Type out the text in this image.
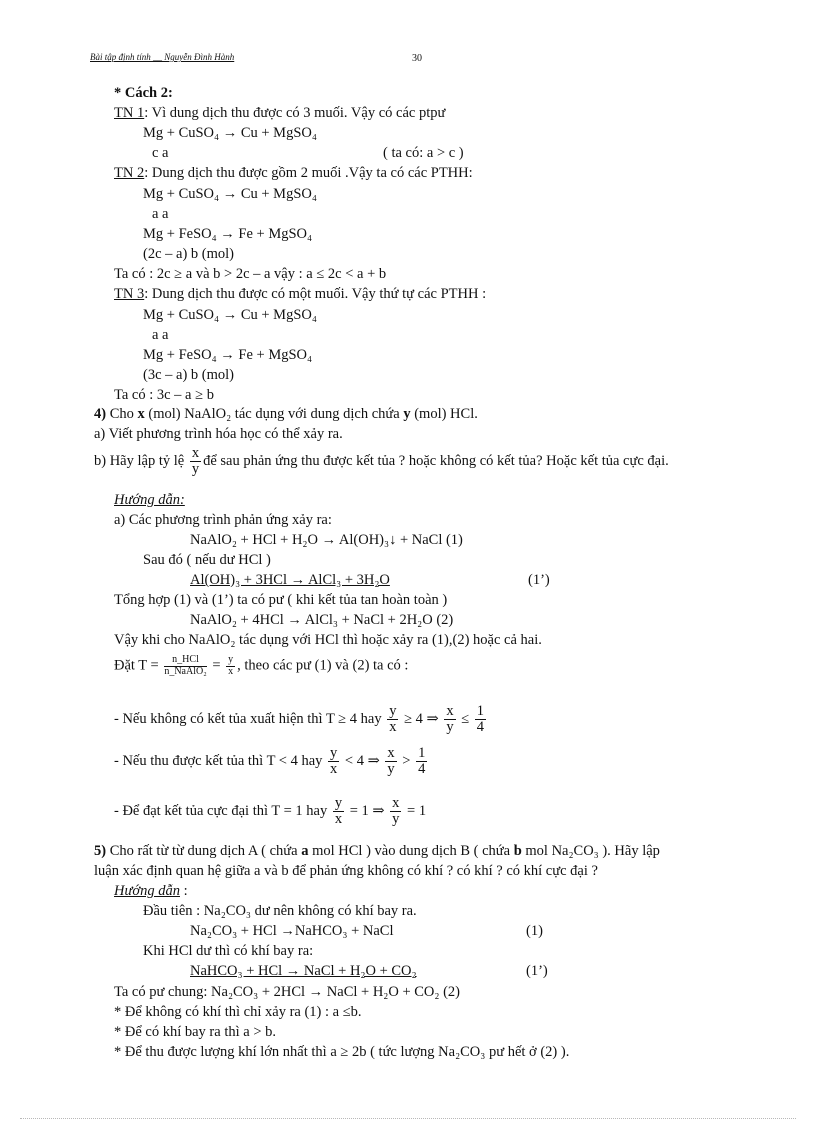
Bài tập định tính __ Nguyễn Đình Hành	30
* Cách 2:
TN 1: Vì dung dịch thu được có 3 muối. Vậy có các ptpư
Mg + CuSO₄ → Cu + MgSO₄
c a	( ta có: a > c )
TN 2: Dung dịch thu được gồm 2 muối .Vậy ta có các PTHH:
Mg + CuSO₄ → Cu + MgSO₄
a a
Mg + FeSO₄ → Fe + MgSO₄
(2c – a) b (mol)
Ta có : 2c ≥ a và b > 2c – a vậy : a ≤ 2c < a + b
TN 3: Dung dịch thu được có một muối. Vậy thứ tự các PTHH :
Mg + CuSO₄ → Cu + MgSO₄
a a
Mg + FeSO₄ → Fe + MgSO₄
(3c – a) b (mol)
Ta có : 3c – a ≥ b
4) Cho x (mol) NaAlO₂ tác dụng với dung dịch chứa y (mol) HCl.
a) Viết phương trình hóa học có thể xảy ra.
b) Hãy lập tỷ lệ $\frac{x}{y}$ để sau phản ứng thu được kết tủa ? hoặc không có kết tủa? Hoặc kết tủa cực đại.
Hướng dẫn:
a) Các phương trình phản ứng xảy ra:
NaAlO₂ + HCl + H₂O → Al(OH)₃↓ + NaCl (1)
Sau đó ( nếu dư HCl )
Al(OH)₃ + 3HCl → AlCl₃ + 3H₂O	(1’)
Tổng hợp (1) và (1’) ta có pư ( khi kết tủa tan hoàn toàn )
NaAlO₂ + 4HCl → AlCl₃ + NaCl + 2H₂O (2)
Vậy khi cho NaAlO₂ tác dụng với HCl thì hoặc xảy ra (1),(2) hoặc cả hai.
Đặt $T = \frac{\text{n\_HCl}}{\text{n\_NaAlO₂}} = \frac{y}{x}$ , theo các pư (1) và (2) ta có :
- Nếu không có kết tủa xuất hiện thì T ≥ 4 hay $\frac{y}{x} \ge 4$ ⇒ $\frac{x}{y} \le \frac{1}{4}$
- Nếu thu được kết tủa thì T < 4 hay $\frac{y}{x} < 4$ ⇒ $\frac{x}{y} > \frac{1}{4}$
- Để đạt kết tủa cực đại thì T = 1 hay $\frac{y}{x} = 1$ ⇒ $\frac{x}{y} = 1$
5) Cho rất từ từ dung dịch A ( chứa a mol HCl ) vào dung dịch B ( chứa b mol Na₂CO₃ ). Hãy lập
luận xác định quan hệ giữa a và b để phản ứng không có khí ? có khí ? có khí cực đại ?
Hướng dẫn :
Đầu tiên : Na₂CO₃ dư nên không có khí bay ra.
Na₂CO₃ + HCl →NaHCO₃ + NaCl	(1)
Khi HCl dư thì có khí bay ra:
NaHCO₃ + HCl → NaCl + H₂O + CO₂	(1’)
Ta có pư chung: Na₂CO₃ + 2HCl → NaCl + H₂O + CO₂ (2)
* Để không có khí thì chỉ xảy ra (1) : a ≤b.
* Để có khí bay ra thì a > b.
* Để thu được lượng khí lớn nhất thì a ≥ 2b ( tức lượng Na₂CO₃ pư hết ở (2) ).
